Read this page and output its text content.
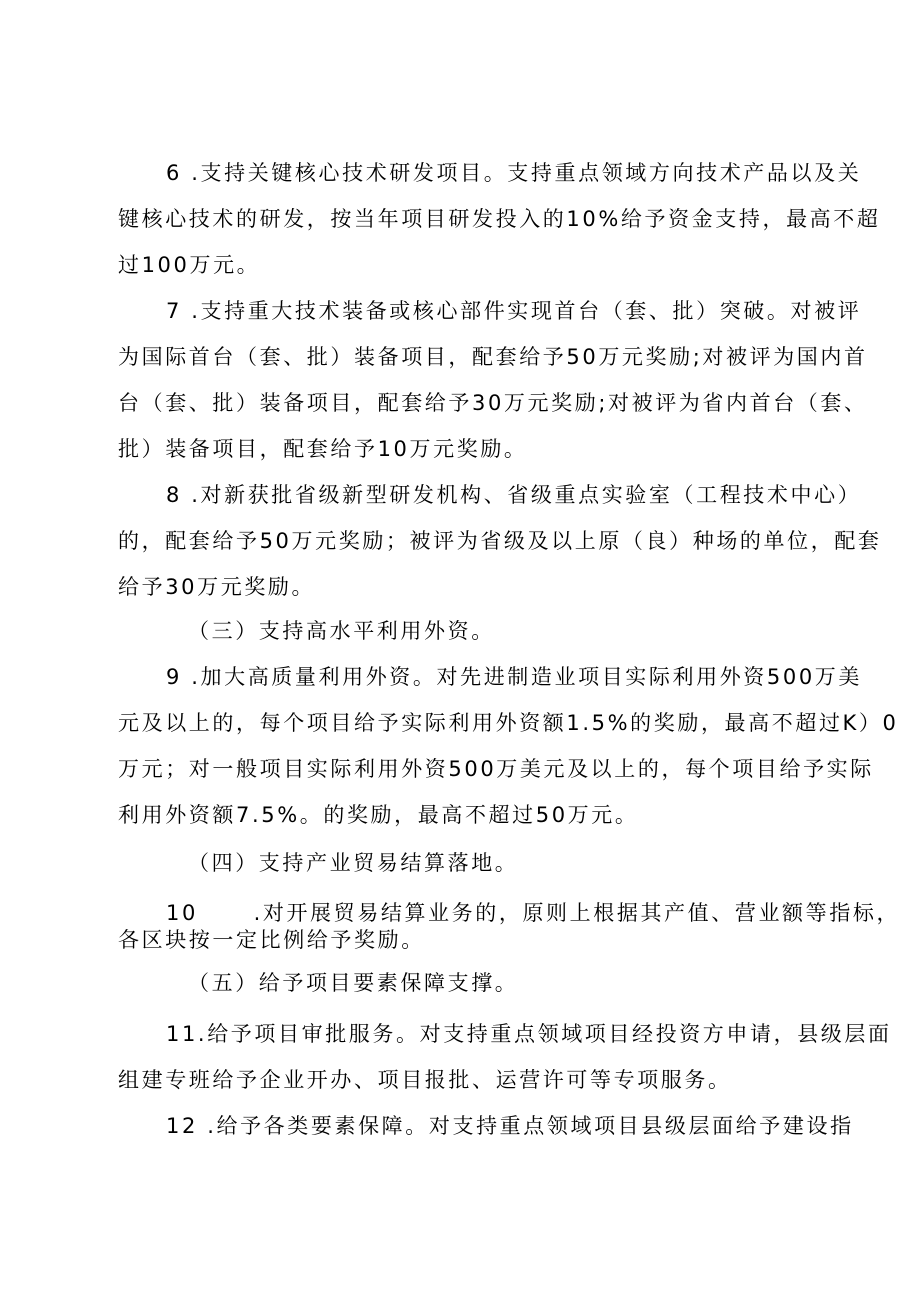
6 .支持关键核心技术研发项目。支持重点领域方向技术产品以及关
键核心技术的研发，按当年项目研发投入的10%给予资金支持，最高不超
过100万元。
7 .支持重大技术装备或核心部件实现首台（套、批）突破。对被评
为国际首台（套、批）装备项目，配套给予50万元奖励;对被评为国内首
台（套、批）装备项目，配套给予30万元奖励;对被评为省内首台（套、
批）装备项目，配套给予10万元奖励。
8 .对新获批省级新型研发机构、省级重点实验室（工程技术中心）
的，配套给予50万元奖励；被评为省级及以上原（良）种场的单位，配套
给予30万元奖励。
（三）支持高水平利用外资。
9 .加大高质量利用外资。对先进制造业项目实际利用外资500万美
元及以上的，每个项目给予实际利用外资额1.5%的奖励，最高不超过K）0
万元；对一般项目实际利用外资500万美元及以上的，每个项目给予实际
利用外资额7.5%。的奖励，最高不超过50万元。
（四）支持产业贸易结算落地。
10      .对开展贸易结算业务的，原则上根据其产值、营业额等指标，
各区块按一定比例给予奖励。
（五）给予项目要素保障支撑。
11.给予项目审批服务。对支持重点领域项目经投资方申请，县级层面
组建专班给予企业开办、项目报批、运营许可等专项服务。
12 .给予各类要素保障。对支持重点领域项目县级层面给予建设指
